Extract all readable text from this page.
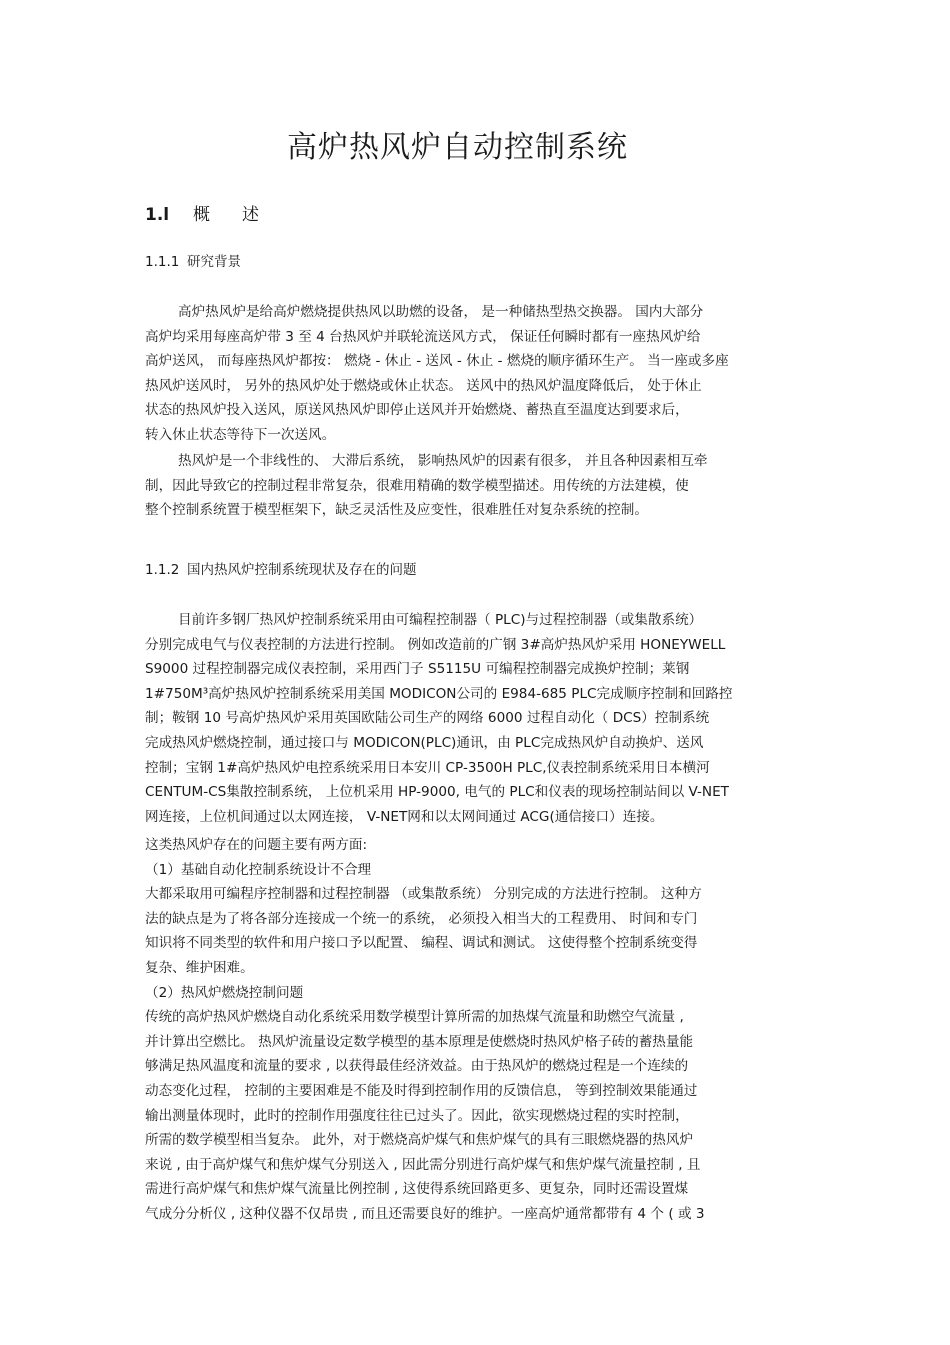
高炉热风炉自动控制系统
1.l 概述
1.1.1 研究背景
高炉热风炉是给高炉燃烧提供热风以助燃的设备， 是一种储热型热交换器。 国内大部分
高炉均采用每座高炉带 3 至 4 台热风炉并联轮流送风方式， 保证任何瞬时都有一座热风炉给
高炉送风， 而每座热风炉都按： 燃烧 - 休止 - 送风 - 休止 - 燃烧的顺序循环生产。 当一座或多座
热风炉送风时， 另外的热风炉处于燃烧或休止状态。 送风中的热风炉温度降低后， 处于休止
状态的热风炉投入送风，原送风热风炉即停止送风并开始燃烧、蓄热直至温度达到要求后，
转入休止状态等待下一次送风。
热风炉是一个非线性的、 大滞后系统， 影响热风炉的因素有很多， 并且各种因素相互牵
制，因此导致它的控制过程非常复杂，很难用精确的数学模型描述。用传统的方法建模，使
整个控制系统置于模型框架下，缺乏灵活性及应变性，很难胜任对复杂系统的控制。
1.1.2 国内热风炉控制系统现状及存在的问题
目前许多钢厂热风炉控制系统采用由可编程控制器（ PLC)与过程控制器（或集散系统）
分别完成电气与仪表控制的方法进行控制。 例如改造前的广钢 3#高炉热风炉采用 HONEYWELL
S9000 过程控制器完成仪表控制，采用西门子 S5115U 可编程控制器完成换炉控制；莱钢
1#750M³高炉热风炉控制系统采用美国 MODICON公司的 E984-685 PLC完成顺序控制和回路控
制；鞍钢 10 号高炉热风炉采用英国欧陆公司生产的网络 6000 过程自动化（ DCS）控制系统
完成热风炉燃烧控制，通过接口与 MODICON(PLC)通讯，由 PLC完成热风炉自动换炉、送风
控制；宝钢 1#高炉热风炉电控系统采用日本安川 CP-3500H PLC,仪表控制系统采用日本横河
CENTUM-CS集散控制系统， 上位机采用 HP-9000, 电气的 PLC和仪表的现场控制站间以 V-NET
网连接，上位机间通过以太网连接， V-NET网和以太网间通过 ACG(通信接口）连接。
这类热风炉存在的问题主要有两方面:
（1）基础自动化控制系统设计不合理
大都采取用可编程序控制器和过程控制器 （或集散系统） 分别完成的方法进行控制。 这种方
法的缺点是为了将各部分连接成一个统一的系统， 必须投入相当大的工程费用、 时间和专门
知识将不同类型的软件和用户接口予以配置、 编程、调试和测试。 这使得整个控制系统变得
复杂、维护困难。
（2）热风炉燃烧控制问题
传统的高炉热风炉燃烧自动化系统采用数学模型计算所需的加热煤气流量和助燃空气流量 ,
并计算出空燃比。 热风炉流量设定数学模型的基本原理是使燃烧时热风炉格子砖的蓄热量能
够满足热风温度和流量的要求 , 以获得最佳经济效益。由于热风炉的燃烧过程是一个连续的
动态变化过程， 控制的主要困难是不能及时得到控制作用的反馈信息， 等到控制效果能通过
输出测量体现时，此时的控制作用强度往往已过头了。因此，欲实现燃烧过程的实时控制，
所需的数学模型相当复杂。 此外，对于燃烧高炉煤气和焦炉煤气的具有三眼燃烧器的热风炉
来说 , 由于高炉煤气和焦炉煤气分别送入 , 因此需分别进行高炉煤气和焦炉煤气流量控制 , 且
需进行高炉煤气和焦炉煤气流量比例控制 , 这使得系统回路更多、更复杂，同时还需设置煤
气成分分析仪 , 这种仪器不仅昂贵 , 而且还需要良好的维护。一座高炉通常都带有 4 个 ( 或 3
